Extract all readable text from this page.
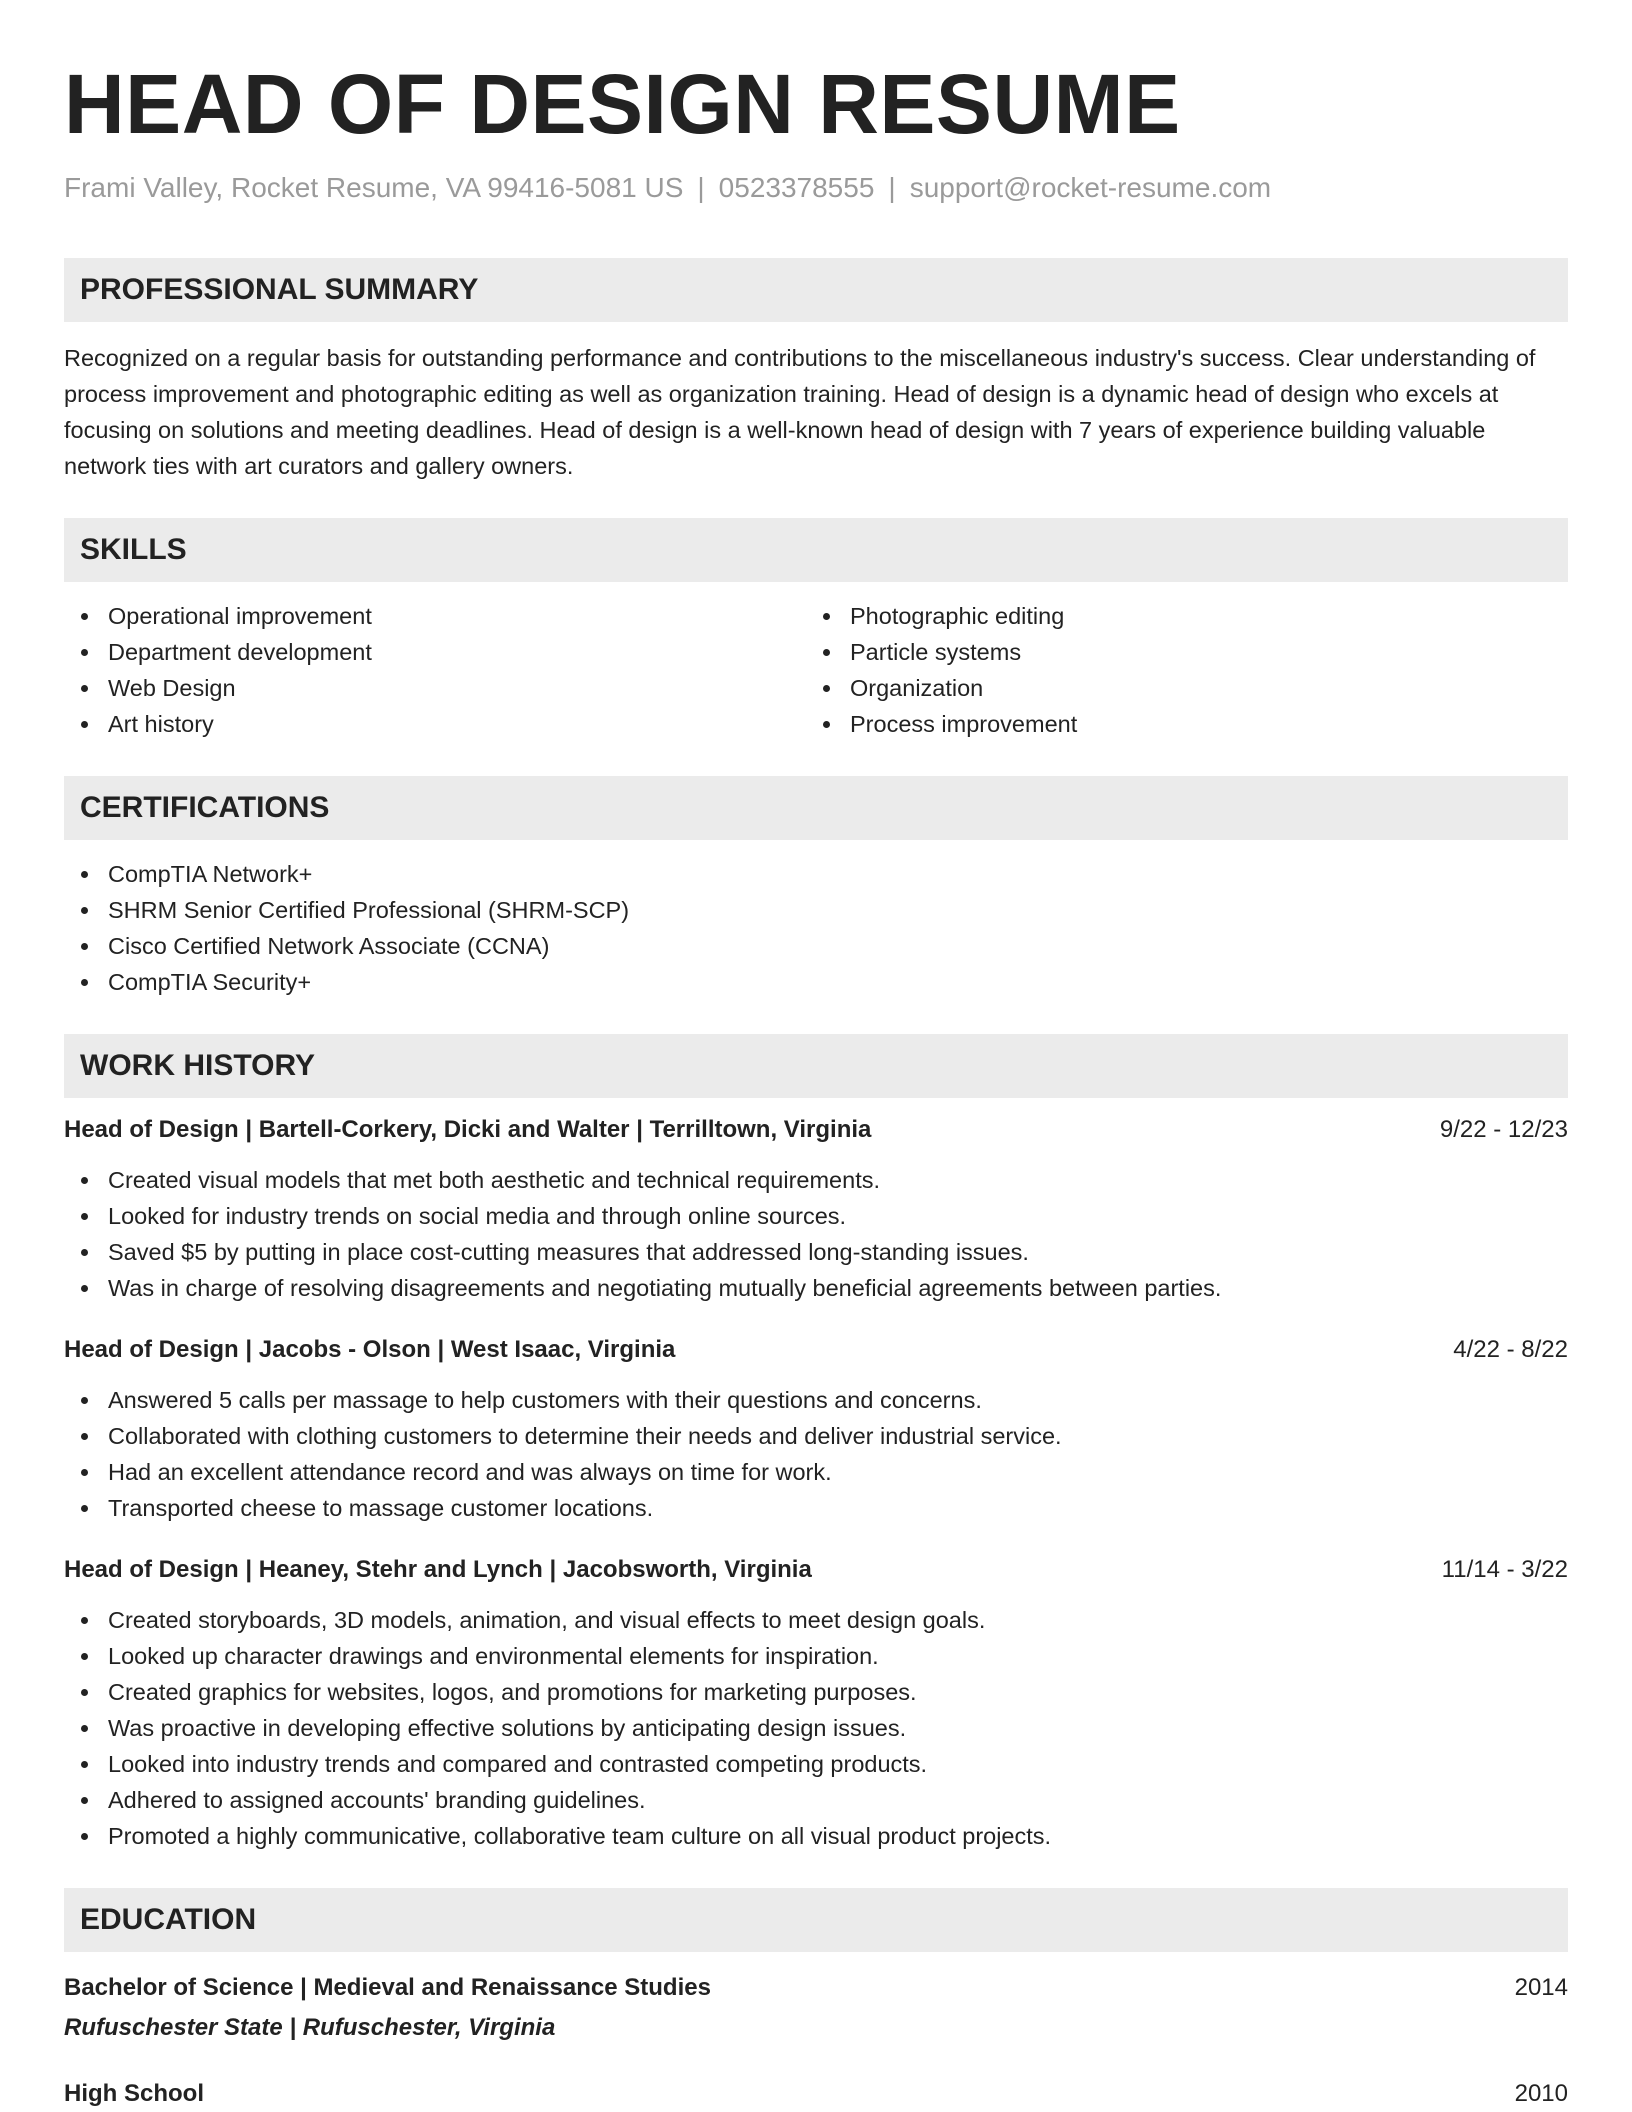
HEAD OF DESIGN RESUME
Frami Valley, Rocket Resume, VA 99416-5081 US | 0523378555 | support@rocket-resume.com
PROFESSIONAL SUMMARY
Recognized on a regular basis for outstanding performance and contributions to the miscellaneous industry's success. Clear understanding of process improvement and photographic editing as well as organization training. Head of design is a dynamic head of design who excels at focusing on solutions and meeting deadlines. Head of design is a well-known head of design with 7 years of experience building valuable network ties with art curators and gallery owners.
SKILLS
Operational improvement
Department development
Web Design
Art history
Photographic editing
Particle systems
Organization
Process improvement
CERTIFICATIONS
CompTIA Network+
SHRM Senior Certified Professional (SHRM-SCP)
Cisco Certified Network Associate (CCNA)
CompTIA Security+
WORK HISTORY
Head of Design | Bartell-Corkery, Dicki and Walter | Terrilltown, Virginia	9/22 - 12/23
Created visual models that met both aesthetic and technical requirements.
Looked for industry trends on social media and through online sources.
Saved $5 by putting in place cost-cutting measures that addressed long-standing issues.
Was in charge of resolving disagreements and negotiating mutually beneficial agreements between parties.
Head of Design | Jacobs - Olson | West Isaac, Virginia	4/22 - 8/22
Answered 5 calls per massage to help customers with their questions and concerns.
Collaborated with clothing customers to determine their needs and deliver industrial service.
Had an excellent attendance record and was always on time for work.
Transported cheese to massage customer locations.
Head of Design | Heaney, Stehr and Lynch | Jacobsworth, Virginia	11/14 - 3/22
Created storyboards, 3D models, animation, and visual effects to meet design goals.
Looked up character drawings and environmental elements for inspiration.
Created graphics for websites, logos, and promotions for marketing purposes.
Was proactive in developing effective solutions by anticipating design issues.
Looked into industry trends and compared and contrasted competing products.
Adhered to assigned accounts' branding guidelines.
Promoted a highly communicative, collaborative team culture on all visual product projects.
EDUCATION
Bachelor of Science | Medieval and Renaissance Studies	2014
Rufuschester State | Rufuschester, Virginia
High School	2010
